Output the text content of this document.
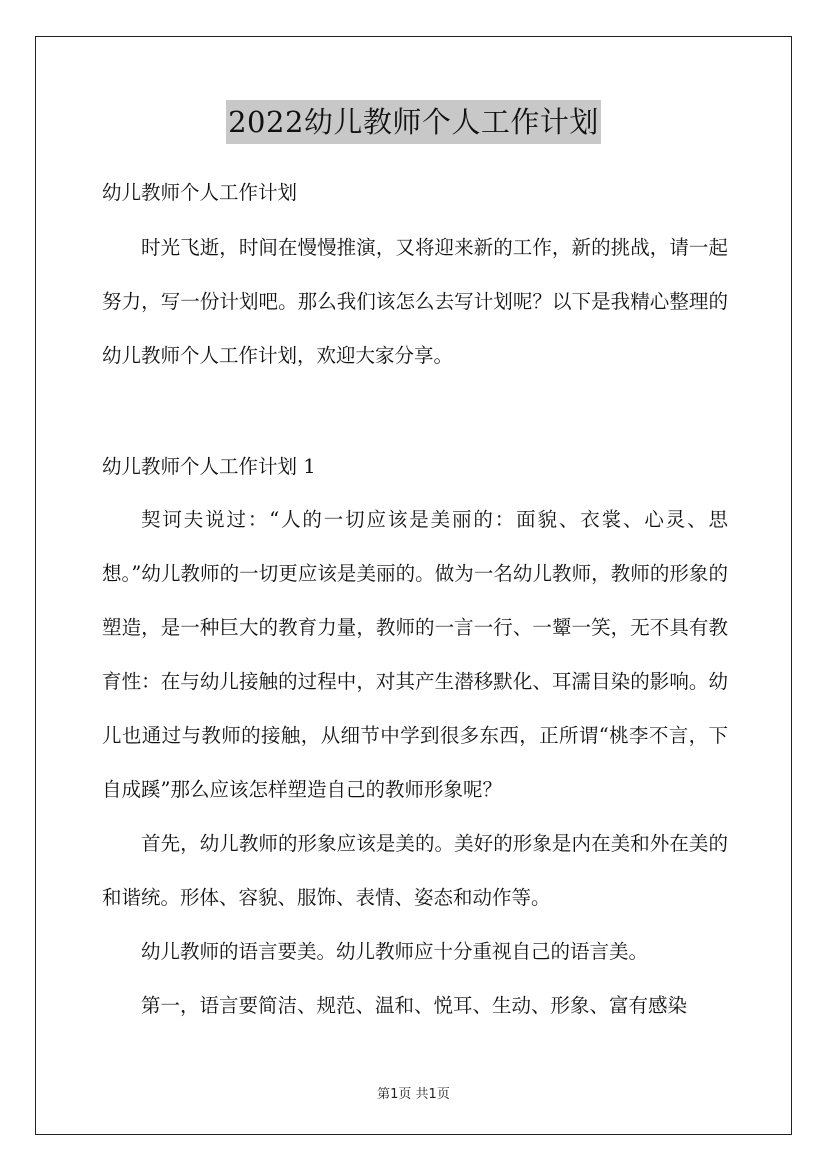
2022幼儿教师个人工作计划
幼儿教师个人工作计划

时光飞逝，时间在慢慢推演，又将迎来新的工作，新的挑战，请一起努力，写一份计划吧。那么我们该怎么去写计划呢？以下是我精心整理的幼儿教师个人工作计划，欢迎大家分享。

幼儿教师个人工作计划 1

契诃夫说过：“人的一切应该是美丽的：面貌、衣裳、心灵、思想。”幼儿教师的一切更应该是美丽的。做为一名幼儿教师，教师的形象的塑造，是一种巨大的教育力量，教师的一言一行、一颦一笑，无不具有教育性：在与幼儿接触的过程中，对其产生潜移默化、耳濡目染的影响。幼儿也通过与教师的接触，从细节中学到很多东西，正所谓“桃李不言，下自成蹊”那么应该怎样塑造自己的教师形象呢？

首先，幼儿教师的形象应该是美的。美好的形象是内在美和外在美的和谐统。形体、容貌、服饰、表情、姿态和动作等。

幼儿教师的语言要美。幼儿教师应十分重视自己的语言美。

第一，语言要简洁、规范、温和、悦耳、生动、形象、富有感染

第1页 共1页
